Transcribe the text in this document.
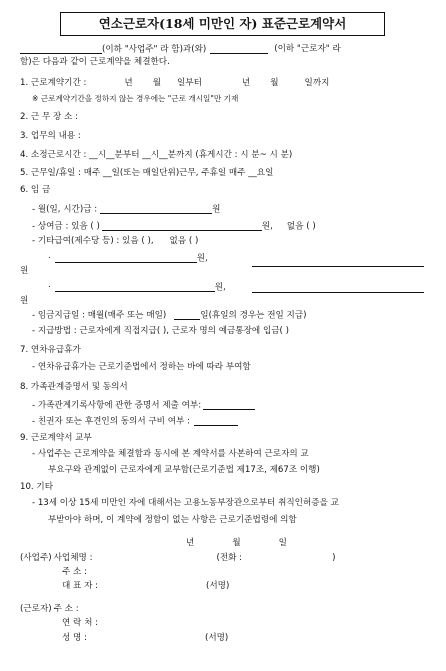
연소근로자(18세 미만인 자) 표준근로계약서
(이하 "사업주" 라 함)과(와)	(이하 "근로자" 라
함)은 다음과 같이 근로계약을 체결한다.
1. 근로계약기간 :	년 월 일부터	년 월	일까지
※ 근로계약기간을 정하지 않는 경우에는 "근로 개시일"만 기재
2. 근 무 장 소 :
3. 업무의 내용 :
4. 소정근로시간 : __시__분부터 __시__분까지 (휴게시간 : 시 분~ 시 분)
5. 근무일/휴일 : 매주 __일(또는 매일단위)근무, 주휴일 매주 __요일
6. 임 금
- 월(일, 시간)급 :	원
- 상여금 : 있음 ( )	원, 없음 ( )
- 기타급여(제수당 등) : 있음 ( ), 없음 ( )
·	원,
원
·	원,
원
- 임금지급일 : 매월(매주 또는 매일)	일(휴일의 경우는 전일 지급)
- 지급방법 : 근로자에게 직접지급( ), 근로자 명의 예금통장에 입금( )
7. 연차유급휴가
- 연차유급휴가는 근로기준법에서 정하는 바에 따라 부여함
8. 가족관계증명서 및 동의서
- 가족관계기록사항에 관한 증명서 제출 여부:
- 친권자 또는 후견인의 동의서 구비 여부 :
9. 근로계약서 교부
- 사업주는 근로계약을 체결함과 동시에 본 계약서를 사본하여 근로자의 교
부요구와 관계없이 근로자에게 교부함(근로기준법 제17조, 제67조 이행)
10. 기타
- 13세 이상 15세 미만인 자에 대해서는 고용노동부장관으로부터 취직인허증을 교
부받아야 하며, 이 계약에 정함이 없는 사항은 근로기준법령에 의함
년	월	일
(사업주) 사업체명 :	(전화 :	)
주 소 :
대 표 자 :	(서명)
(근로자) 주 소 :
연 락 처 :
성 명 :	(서명)
